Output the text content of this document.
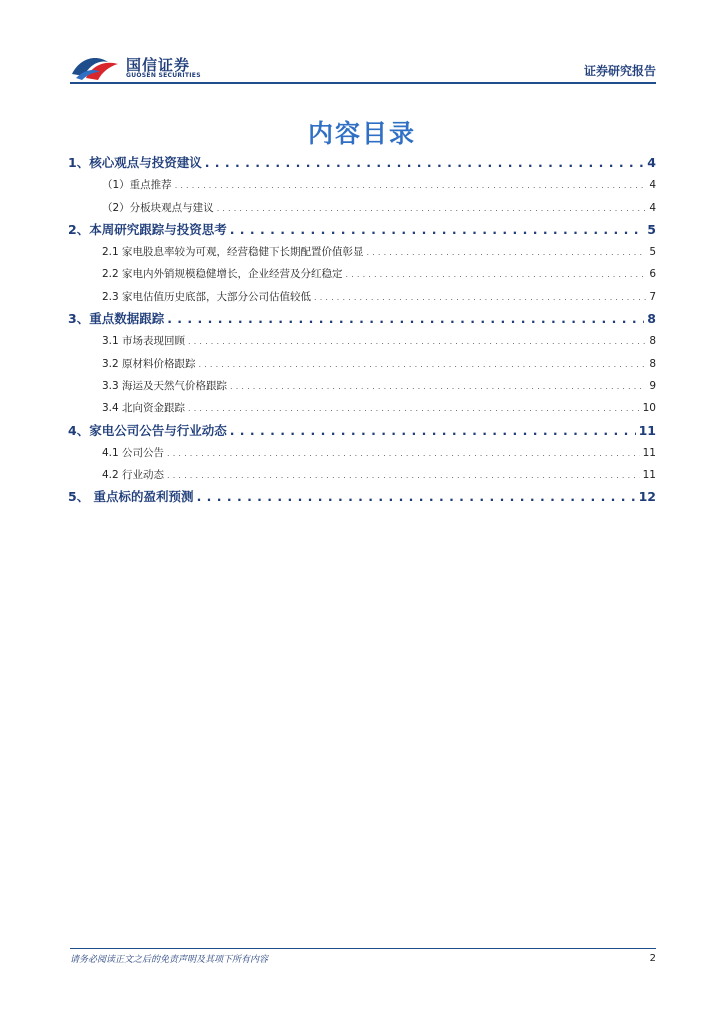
国信证券
GUOSEN SECURITIES	证券研究报告
内容目录
1、核心观点与投资建议 . . .	4
（1）重点推荐 . . .	4
（2）分板块观点与建议 . . .	4
2、本周研究跟踪与投资思考 . . .	5
2.1 家电股息率较为可观，经营稳健下长期配置价值彰显 . . .	5
2.2 家电内外销规模稳健增长，企业经营及分红稳定 . . .	6
2.3 家电估值历史底部，大部分公司估值较低 . . .	7
3、重点数据跟踪 . . .	8
3.1 市场表现回顾 . . .	8
3.2 原材料价格跟踪 . . .	8
3.3 海运及天然气价格跟踪 . . .	9
3.4 北向资金跟踪 . . .	10
4、家电公司公告与行业动态 . . .	11
4.1 公司公告 . . .	11
4.2 行业动态 . . .	11
5、 重点标的盈利预测 . . .	12
请务必阅读正文之后的免责声明及其项下所有内容	2
